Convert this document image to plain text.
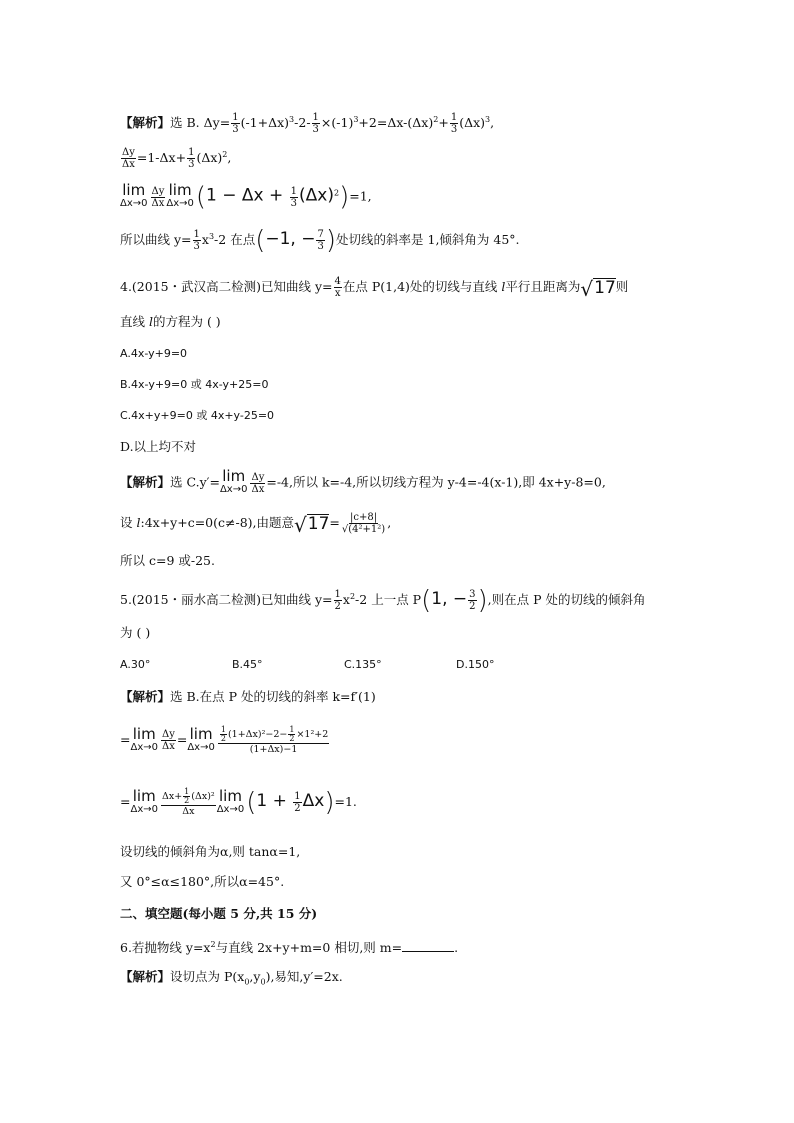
【解析】选 B. $\Delta y= \frac{1}{3} (-1+\Delta x)^3-2- \frac{1}{3} \times(-1)^3+2=\Delta x-(\Delta x)^2+ \frac{1}{3} (\Delta x)^3$,
$\frac{\Delta y}{\Delta x} =1-\Delta x+ \frac{1}{3} (\Delta x)^2$,
lim
$\Delta x\to 0 \frac{\Delta y}{\Delta x}$ lim
Δx→0 $(1 - \Delta x + \frac{1}{3} (\Delta x)^2)=1$,
所以曲线 $y= \frac{1}{3} x^3-2$ 在点(−1, − $\frac{7}{3}$ )处切线的斜率是 1,倾斜角为 45°.
4.(2015・武汉高二检测)已知曲线 $y= \frac{4}{x}$ 在点 P(1,4)处的切线与直线 l平行且距离为 √ 17 则
直线 l的方程为 ( )
A.4x-y+9=0
B.4x-y+9=0 或 4x-y+25=0
C.4x+y+9=0 或 4x+y-25=0
D.以上均不对
【解析】选 C.y′= lim
$\Delta x\to 0 \frac{\Delta y}{\Delta x} =-4$,所以 k=-4,所以切线方程为 y-4=-4(x-1),即 4x+y-8=0,
设 l:4x+y+c=0(c≠-8),由题意 √ $17 = \frac{|c+8|}{\text{√(4²+1²)}}$ ,
所以 c=9 或-25.
5.(2015・丽水高二检测)已知曲线 $y= \frac{1}{2} x^2-2$ 上一点 P(1, − $\frac{3}{2}$ ),则在点 P 处的切线的倾斜角
为 ( )
A.30°	B.45°	C.135°	D.150°
【解析】选 B.在点 P 处的切线的斜率 k=f′(1)
= lim
$\Delta x\to 0 \frac{\Delta y}{\Delta x} = \lim$
$\Delta x\to 0 \frac{\frac{1}{2} (1+\Delta x)^2-2- \frac{1}{2} \times 1^2+2}{(1+\Delta x)-1}$
= lim
$\Delta x\to 0 \frac{\Delta x+ \frac{1}{2} (\Delta x)^2}{\Delta x}$ lim
Δx→0 $(1 + \frac{1}{2} \Delta x)=1$.
设切线的倾斜角为α,则 tanα=1,
又 0°≤α≤180°,所以α=45°.
二、填空题(每小题 5 分,共 15 分)
6.若抛物线 $y=x^2$与直线 2x+y+m=0 相切,则 m=	.
【解析】设切点为 $P(x_0,y_0)$,易知,y′=2x.
